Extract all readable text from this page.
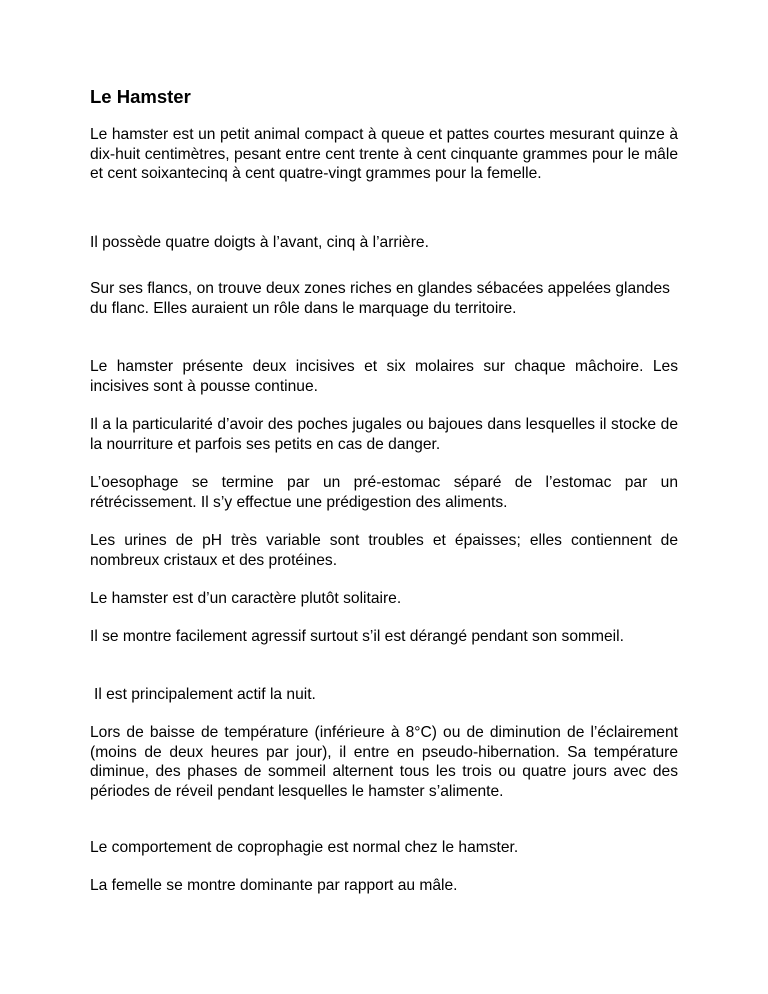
Le Hamster

Le hamster est un petit animal compact à queue et pattes courtes mesurant quinze à dix-huit centimètres, pesant entre cent trente à cent cinquante grammes pour le mâle et cent soixantecinq à cent quatre-vingt grammes pour la femelle.

Il possède quatre doigts à l’avant, cinq à l’arrière.

Sur ses flancs, on trouve deux zones riches en glandes sébacées appelées glandes du flanc. Elles auraient un rôle dans le marquage du territoire.

Le hamster présente deux incisives et six molaires sur chaque mâchoire. Les incisives sont à pousse continue.

Il a la particularité d’avoir des poches jugales ou bajoues dans lesquelles il stocke de la nourriture et parfois ses petits en cas de danger.

L’oesophage se termine par un pré-estomac séparé de l’estomac par un rétrécissement. Il s’y effectue une prédigestion des aliments.

Les urines de pH très variable sont troubles et épaisses; elles contiennent de nombreux cristaux et des protéines.

Le hamster est d’un caractère plutôt solitaire.

Il se montre facilement agressif surtout s’il est dérangé pendant son sommeil.

Il est principalement actif la nuit.

Lors de baisse de température (inférieure à 8°C) ou de diminution de l’éclairement (moins de deux heures par jour), il entre en pseudo-hibernation. Sa température diminue, des phases de sommeil alternent tous les trois ou quatre jours avec des périodes de réveil pendant lesquelles le hamster s’alimente.

Le comportement de coprophagie est normal chez le hamster.

La femelle se montre dominante par rapport au mâle.
